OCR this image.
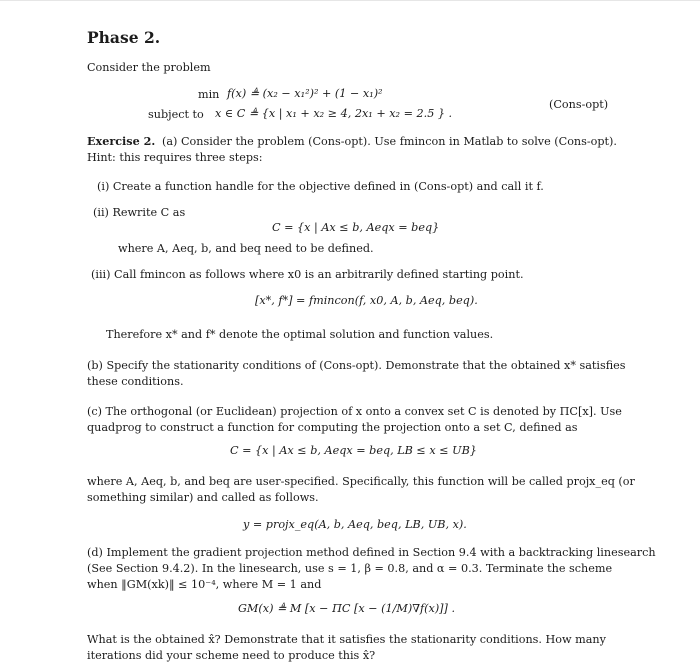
Phase 2.
Consider the problem
min f(x) ≜ (x₂ − x₁²)² + (1 − x₁)²
subject to x ∈ C ≜ {x | x₁ + x₂ ≥ 4, 2x₁ + x₂ = 2.5 } .
(Cons-opt)
Exercise 2. (a) Consider the problem (Cons-opt). Use fmincon in Matlab to solve (Cons-opt).
Hint: this requires three steps:
(i) Create a function handle for the objective defined in (Cons-opt) and call it f.
(ii) Rewrite C as
C = {x | Ax ≤ b, Aeqx = beq}
where A, Aeq, b, and beq need to be defined.
(iii) Call fmincon as follows where x0 is an arbitrarily defined starting point.
[x*, f*] = fmincon(f, x0, A, b, Aeq, beq).
Therefore x* and f* denote the optimal solution and function values.
(b) Specify the stationarity conditions of (Cons-opt). Demonstrate that the obtained x* satisfies
these conditions.
(c) The orthogonal (or Euclidean) projection of x onto a convex set C is denoted by ΠC[x]. Use
quadprog to construct a function for computing the projection onto a set C, defined as
C = {x | Ax ≤ b, Aeqx = beq, LB ≤ x ≤ UB}
where A, Aeq, b, and beq are user-specified. Specifically, this function will be called projx_eq (or
something similar) and called as follows.
y = projx_eq(A, b, Aeq, beq, LB, UB, x).
(d) Implement the gradient projection method defined in Section 9.4 with a backtracking linesearch
(See Section 9.4.2). In the linesearch, use s = 1, β = 0.8, and α = 0.3. Terminate the scheme
when ‖GM(xk)‖ ≤ 10⁻⁴, where M = 1 and
GM(x) ≜ M [x − ΠC [x − (1/M)∇f(x)]] .
What is the obtained x̂? Demonstrate that it satisfies the stationarity conditions. How many
iterations did your scheme need to produce this x̂?
